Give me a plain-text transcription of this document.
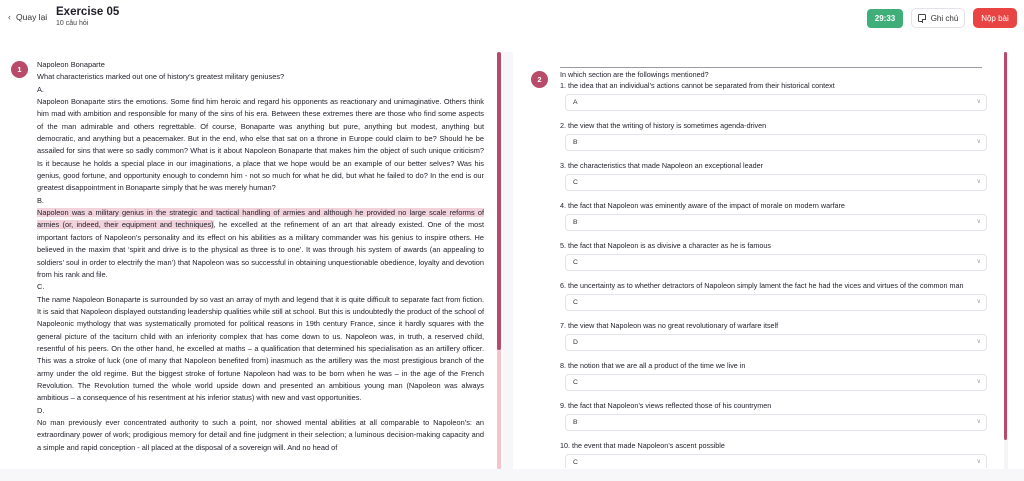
‹ Quay lại Exercise 05
10 câu hỏi
29:33	Ghi chú	Nộp bài
1

Napoleon Bonaparte

What characteristics marked out one of history’s greatest military geniuses?

A.

Napoleon Bonaparte stirs the emotions. Some find him heroic and regard his opponents as reactionary and unimaginative. Others think him mad with ambition and responsible for many of the sins of his era. Between these extremes there are those who find some aspects of the man admirable and others regrettable. Of course, Bonaparte was anything but pure, anything but modest, anything but democratic, and anything but a peacemaker. But in the end, who else that sat on a throne in Europe could claim to be? Should he be assailed for sins that were so sadly common? What is it about Napoleon Bonaparte that makes him the object of such unique criticism? Is it because he holds a special place in our imaginations, a place that we hope would be an example of our better selves? Was his genius, good fortune, and opportunity enough to condemn him - not so much for what he did, but what he failed to do? In the end is our greatest disappointment in Bonaparte simply that he was merely human?

B.

Napoleon was a military genius in the strategic and tactical handling of armies and although he provided no large scale reforms of armies (or, indeed, their equipment and techniques), he excelled at the refinement of an art that already existed. One of the most important factors of Napoleon’s personality and its effect on his abilities as a military commander was his genius to inspire others. He believed in the maxim that ‘spirit and drive is to the physical as three is to one’. It was through his system of awards (an appealing to soldiers’ soul in order to electrify the man’) that Napoleon was so successful in obtaining unquestionable obedience, loyalty and devotion from his rank and file.

C.

The name Napoleon Bonaparte is surrounded by so vast an array of myth and legend that it is quite difficult to separate fact from fiction. It is said that Napoleon displayed outstanding leadership qualities while still at school. But this is undoubtedly the product of the school of Napoleonic mythology that was systematically promoted for political reasons in 19th century France, since it hardly squares with the general picture of the taciturn child with an inferiority complex that has come down to us. Napoleon was, in truth, a reserved child, resentful of his peers. On the other hand, he excelled at maths – a qualification that determined his specialisation as an artillery officer. This was a stroke of luck (one of many that Napoleon benefited from) inasmuch as the artillery was the most prestigious branch of the army under the old regime. But the biggest stroke of fortune Napoleon had was to be born when he was – in the age of the French Revolution. The Revolution turned the whole world upside down and presented an ambitious young man (Napoleon was always ambitious – a consequence of his resentment at his inferior status) with new and vast opportunities.

D.

No man previously ever concentrated authority to such a point, nor showed mental abilities at all comparable to Napoleon’s: an extraordinary power of work; prodigious memory for detail and fine judgment in their selection; a luminous decision-making capacity and a simple and rapid conception - all placed at the disposal of a sovereign will. And no head of

2
In which section are the followings mentioned?
1. the idea that an individual’s actions cannot be separated from their historical context
A	∨
2. the view that the writing of history is sometimes agenda-driven
B	∨
3. the characteristics that made Napoleon an exceptional leader
C	∨
4. the fact that Napoleon was eminently aware of the impact of morale on modern warfare
B	∨
5. the fact that Napoleon is as divisive a character as he is famous
C	∨
6. the uncertainty as to whether detractors of Napoleon simply lament the fact he had the vices and virtues of the common man
C	∨
7. the view that Napoleon was no great revolutionary of warfare itself
D	∨
8. the notion that we are all a product of the time we live in
C	∨
9. the fact that Napoleon’s views reflected those of his countrymen
B	∨
10. the event that made Napoleon’s ascent possible
C	∨
